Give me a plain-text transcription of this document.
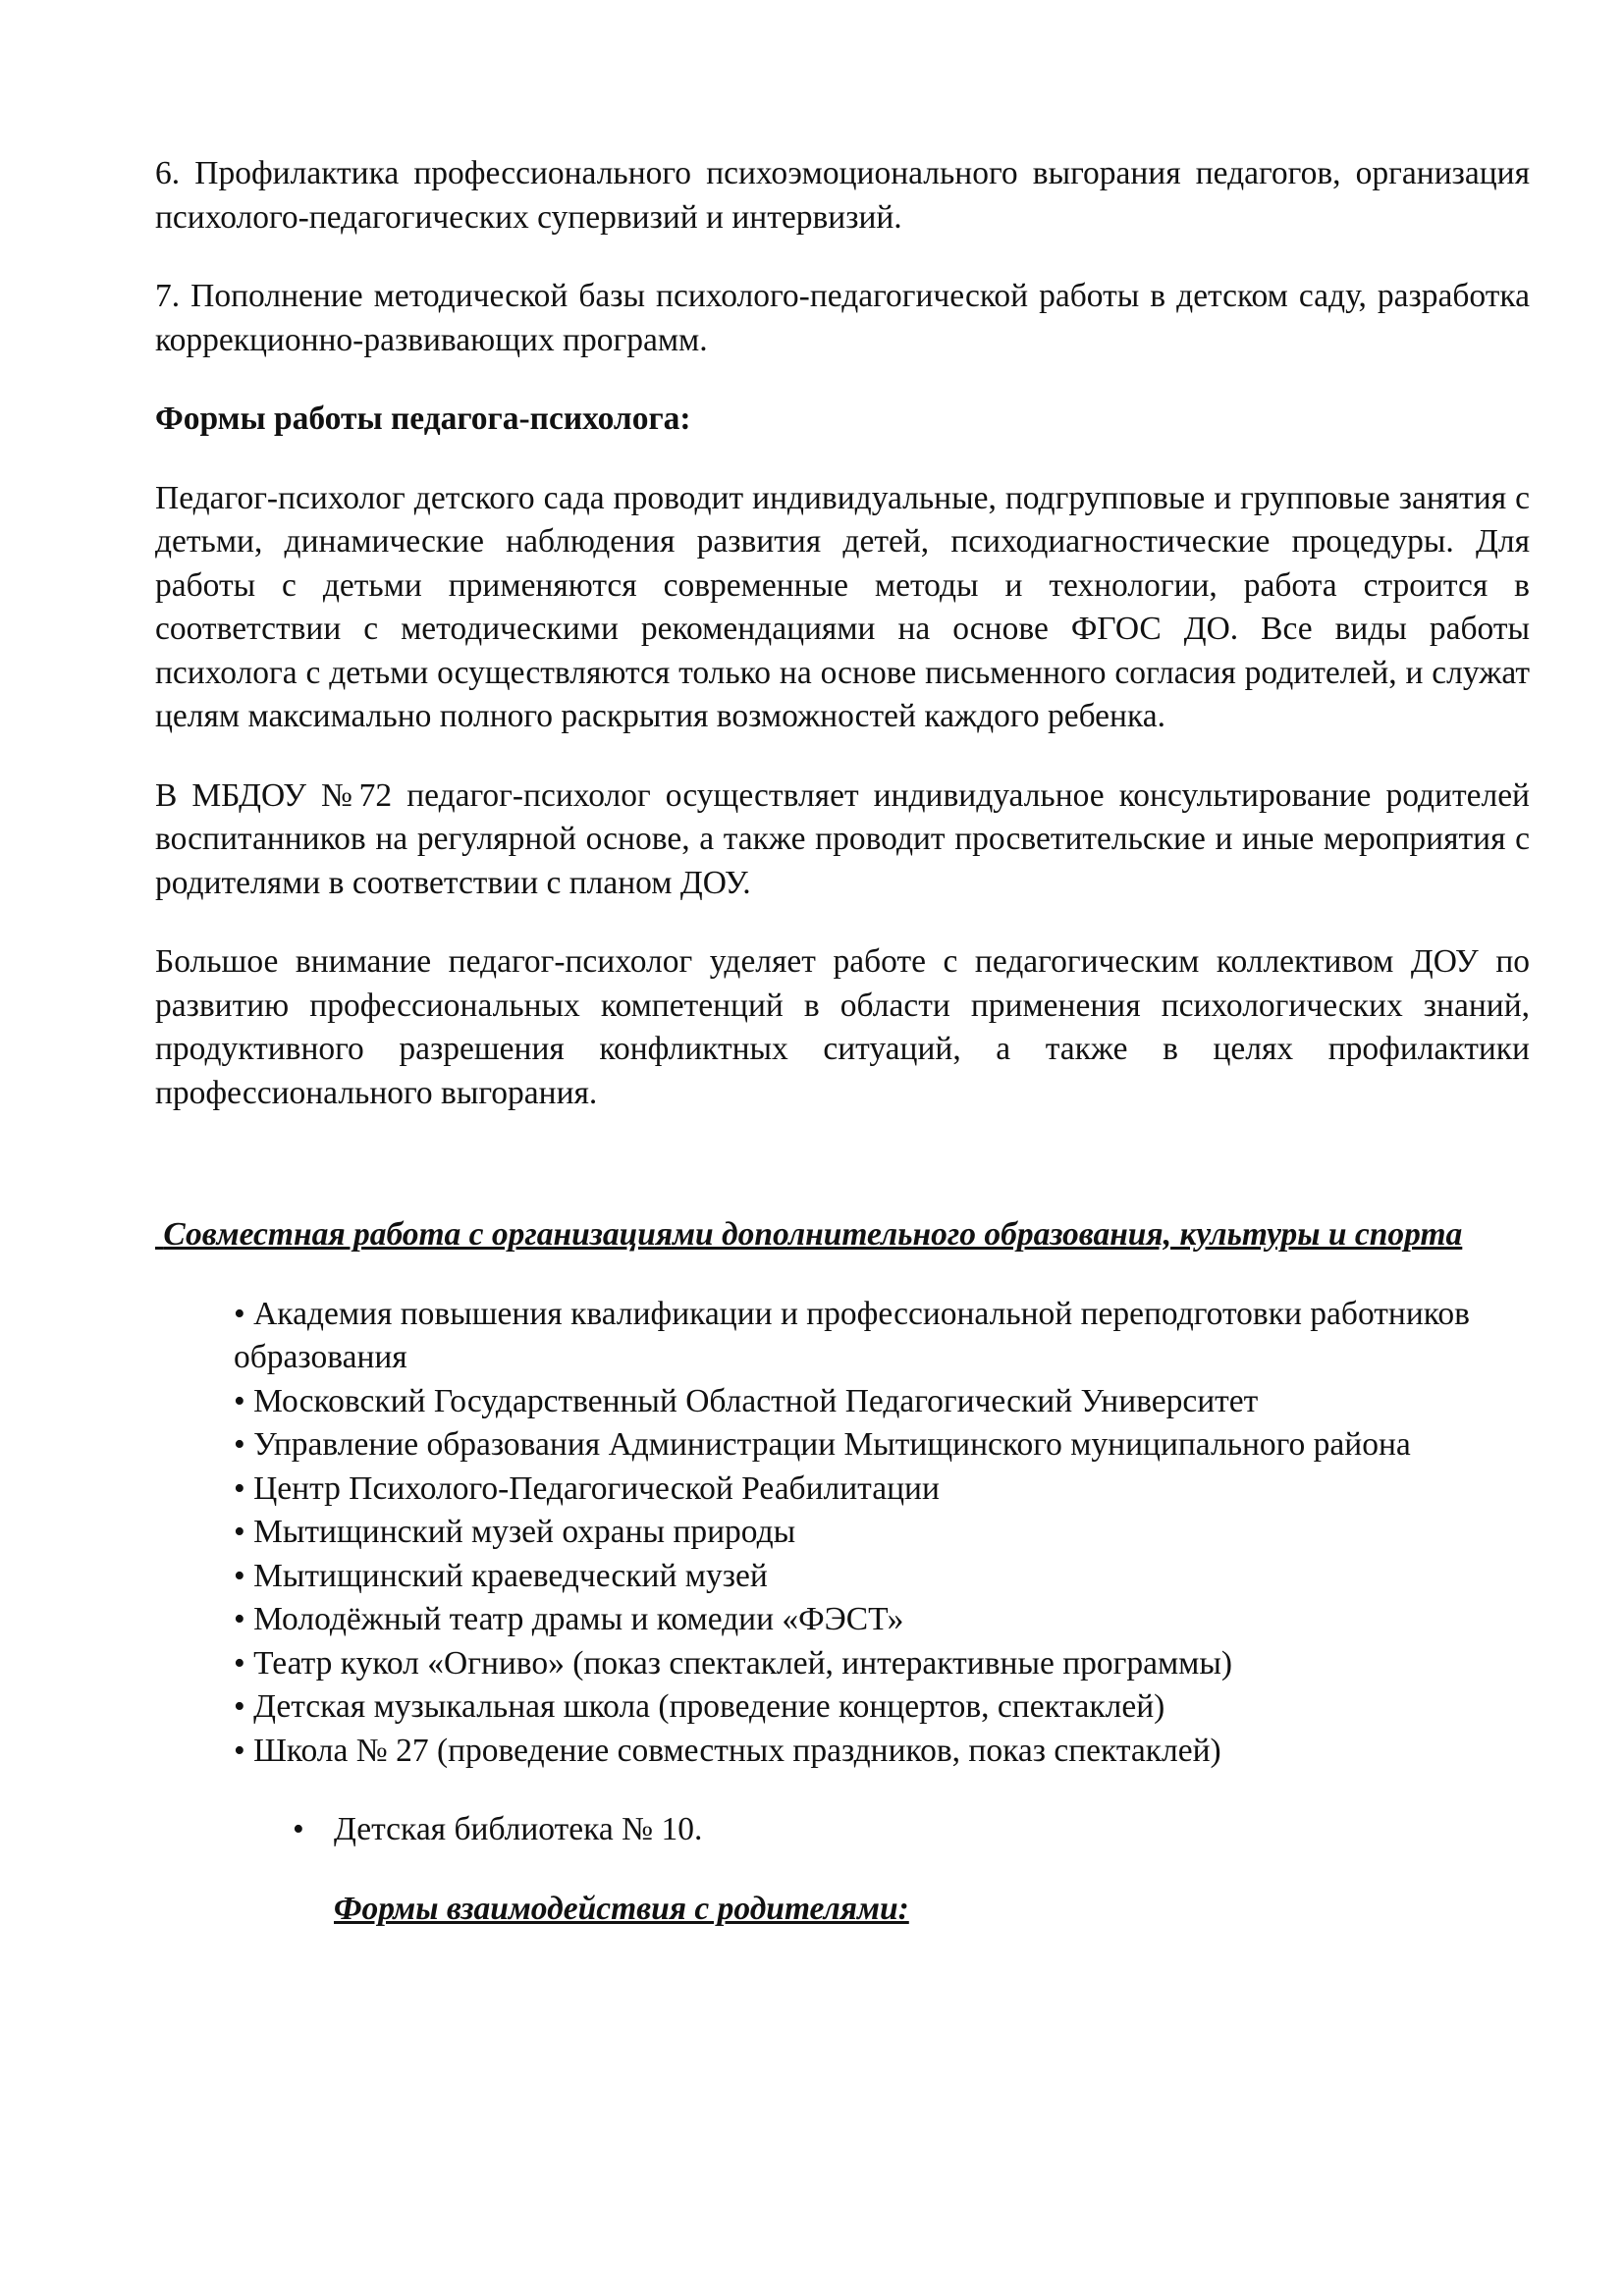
6. Профилактика профессионального психоэмоционального выгорания педагогов, организация психолого-педагогических супервизий и интервизий.

7. Пополнение методической базы психолого-педагогической работы в детском саду, разработка коррекционно-развивающих программ.

Формы работы педагога-психолога:

Педагог-психолог детского сада проводит индивидуальные, подгрупповые и групповые занятия с детьми, динамические наблюдения развития детей, психодиагностические процедуры. Для работы с детьми применяются современные методы и технологии, работа строится в соответствии с методическими рекомендациями на основе ФГОС ДО. Все виды работы психолога с детьми осуществляются только на основе письменного согласия родителей, и служат целям максимально полного раскрытия возможностей каждого ребенка.

В МБДОУ №72 педагог-психолог осуществляет индивидуальное консультирование родителей воспитанников на регулярной основе, а также проводит просветительские и иные мероприятия с родителями в соответствии с планом ДОУ.

Большое внимание педагог-психолог уделяет работе с педагогическим коллективом ДОУ по развитию профессиональных компетенций в области применения психологических знаний, продуктивного разрешения конфликтных ситуаций, а также в целях профилактики профессионального выгорания.

Совместная работа с организациями дополнительного образования, культуры и спорта

• Академия повышения квалификации и профессиональной переподготовки работников образования
• Московский Государственный Областной Педагогический Университет
• Управление образования Администрации Мытищинского муниципального района
• Центр Психолого-Педагогической Реабилитации
• Мытищинский музей охраны природы
• Мытищинский краеведческий музей
• Молодёжный театр драмы и комедии «ФЭСТ»
• Театр кукол «Огниво» (показ спектаклей, интерактивные программы)
• Детская музыкальная школа (проведение концертов, спектаклей)
• Школа № 27 (проведение совместных праздников, показ спектаклей)
• Детская библиотека № 10.

Формы взаимодействия с родителями:
